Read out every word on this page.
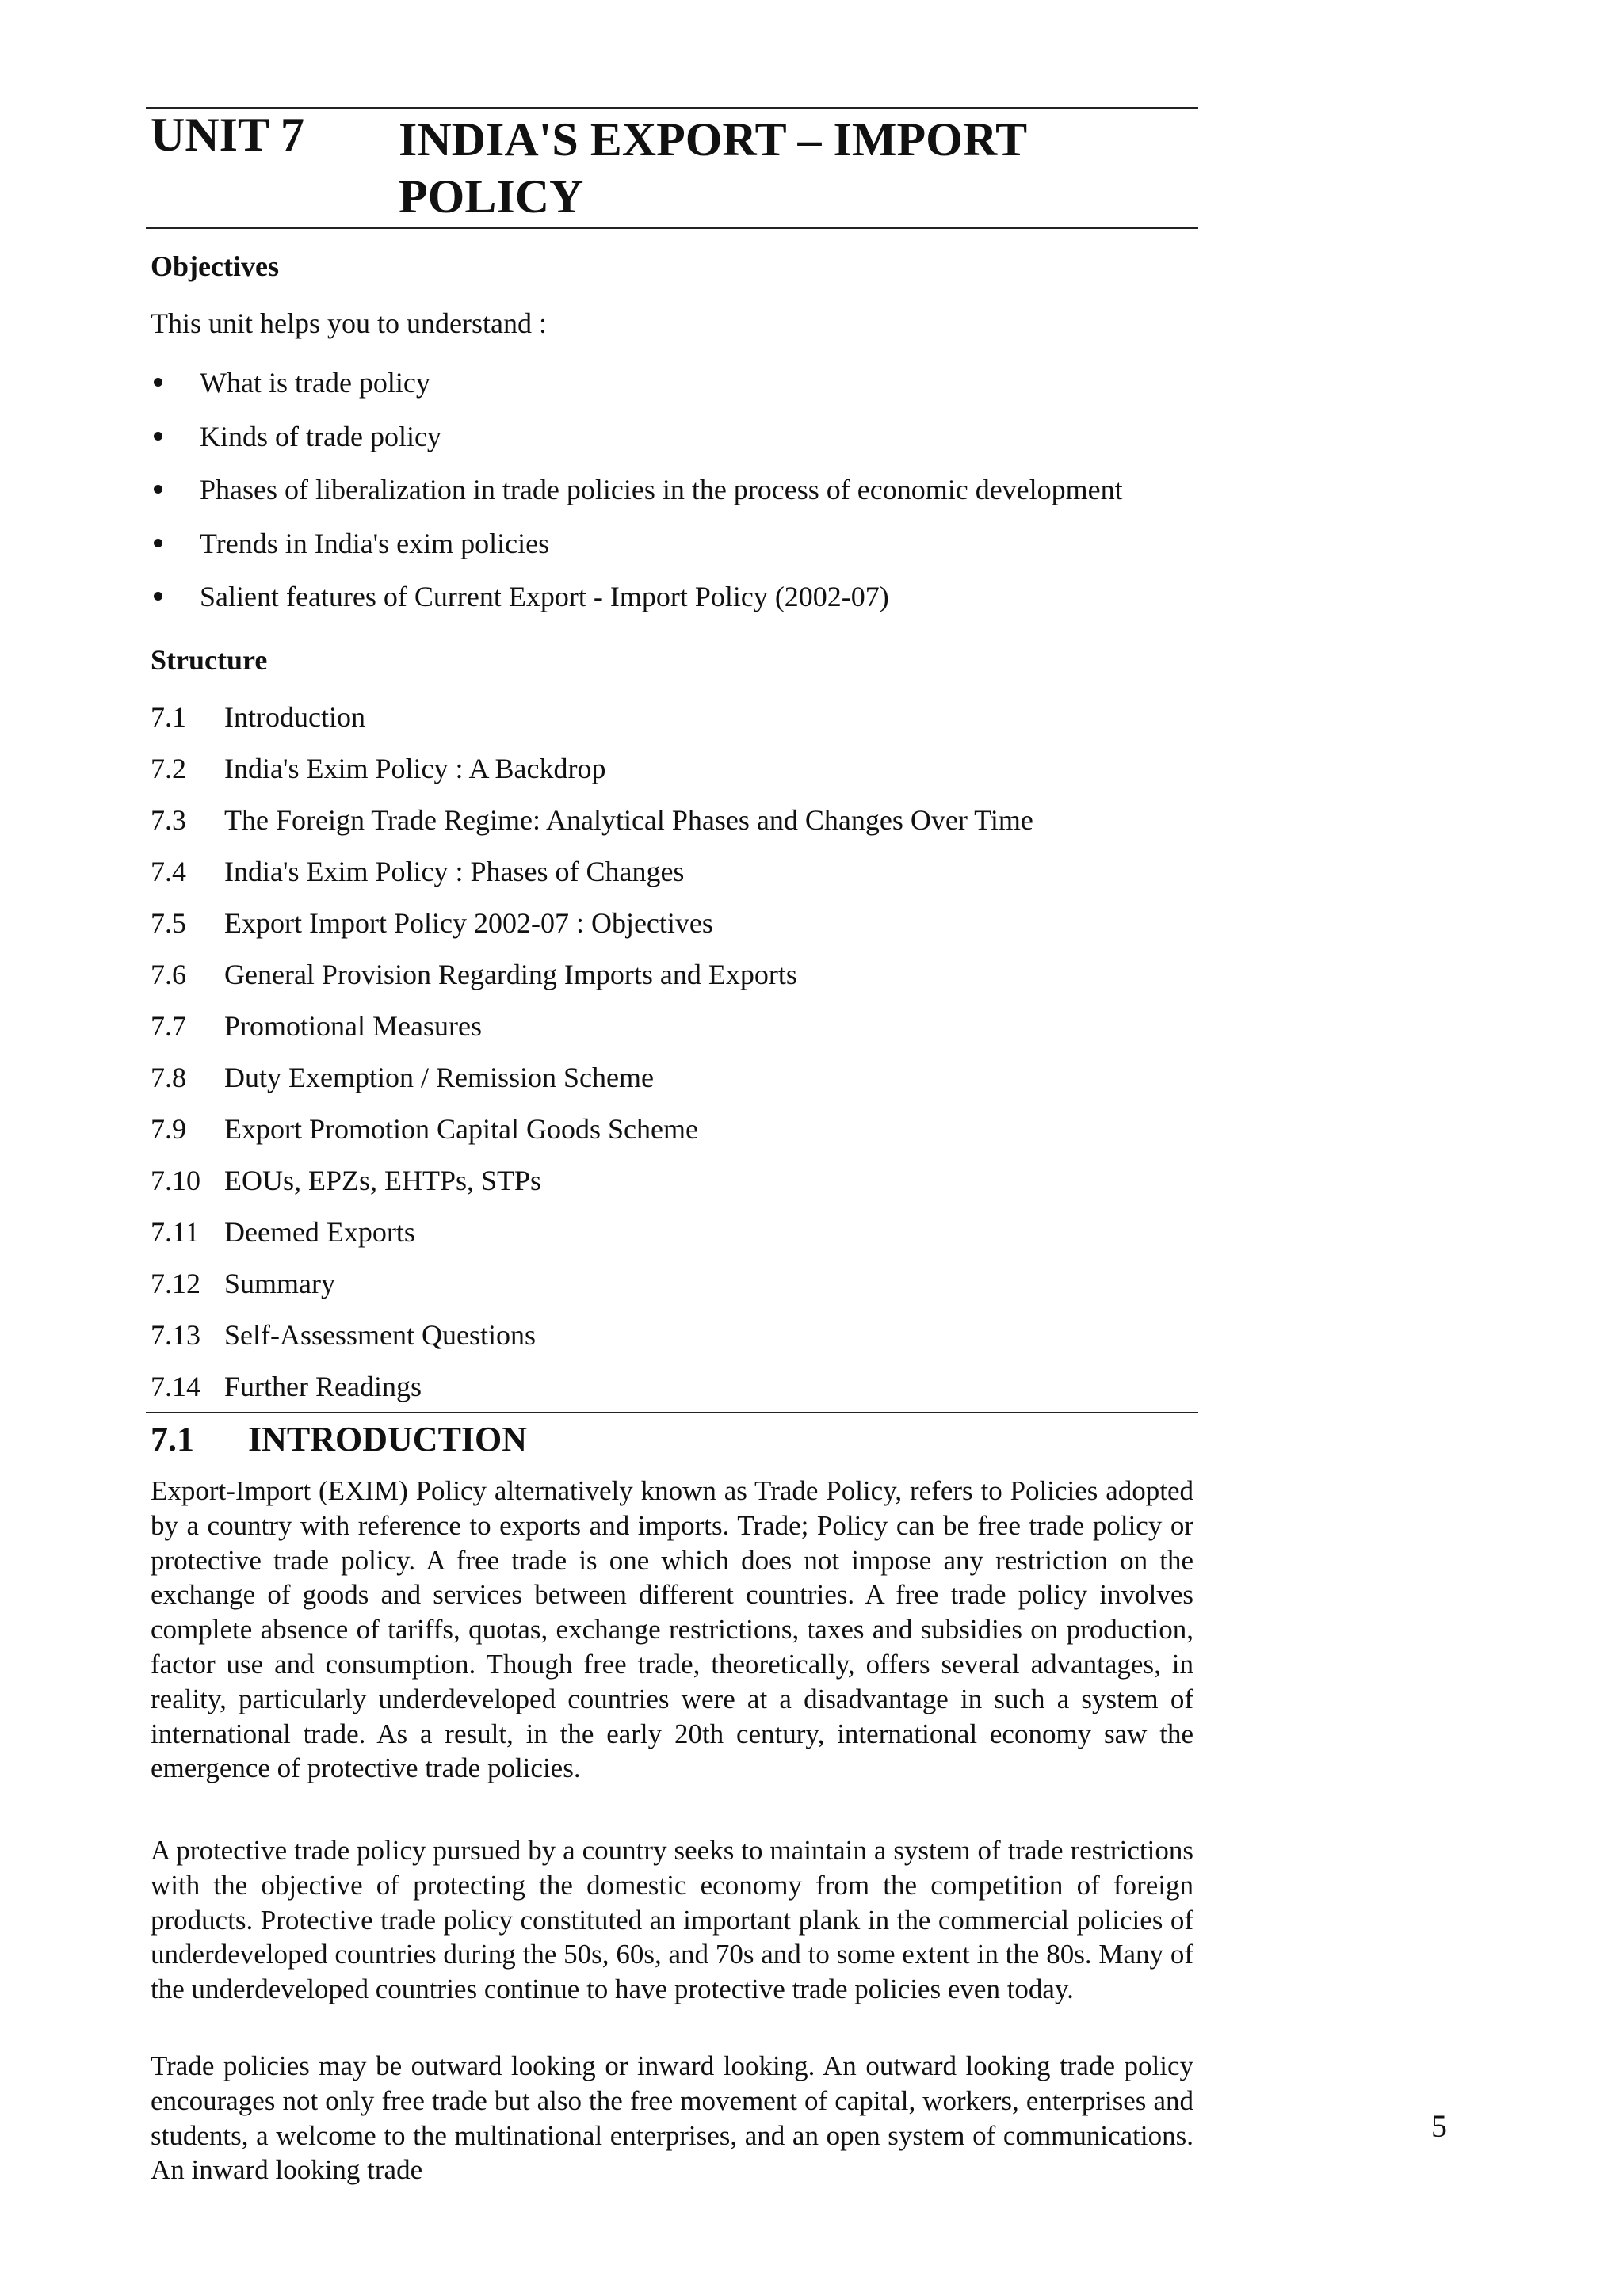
UNIT 7 INDIA'S EXPORT – IMPORT POLICY
Objectives
This unit helps you to understand :
What is trade policy
Kinds of trade policy
Phases of liberalization in trade policies in the process of economic development
Trends in India's exim policies
Salient features of Current Export - Import Policy (2002-07)
Structure
7.1 Introduction
7.2 India's Exim Policy : A Backdrop
7.3 The Foreign Trade Regime: Analytical Phases and Changes Over Time
7.4 India's Exim Policy : Phases of Changes
7.5 Export Import Policy 2002-07 : Objectives
7.6 General Provision Regarding Imports and Exports
7.7 Promotional Measures
7.8 Duty Exemption / Remission Scheme
7.9 Export Promotion Capital Goods Scheme
7.10 EOUs, EPZs, EHTPs, STPs
7.11 Deemed Exports
7.12 Summary
7.13 Self-Assessment Questions
7.14 Further Readings
7.1 INTRODUCTION

Export-Import (EXIM) Policy alternatively known as Trade Policy, refers to Policies adopted by a country with reference to exports and imports. Trade; Policy can be free trade policy or protective trade policy. A free trade is one which does not impose any restriction on the exchange of goods and services between different countries. A free trade policy involves complete absence of tariffs, quotas, exchange restrictions, taxes and subsidies on production, factor use and consumption. Though free trade, theoretically, offers several advantages, in reality, particularly underdeveloped countries were at a disadvantage in such a system of international trade. As a result, in the early 20th century, international economy saw the emergence of protective trade policies.

A protective trade policy pursued by a country seeks to maintain a system of trade restrictions with the objective of protecting the domestic economy from the competition of foreign products. Protective trade policy constituted an important plank in the commercial policies of underdeveloped countries during the 50s, 60s, and 70s and to some extent in the 80s. Many of the underdeveloped countries continue to have protective trade policies even today.

Trade policies may be outward looking or inward looking. An outward looking trade policy encourages not only free trade but also the free movement of capital, workers, enterprises and students, a welcome to the multinational enterprises, and an open system of communications. An inward looking trade

5
